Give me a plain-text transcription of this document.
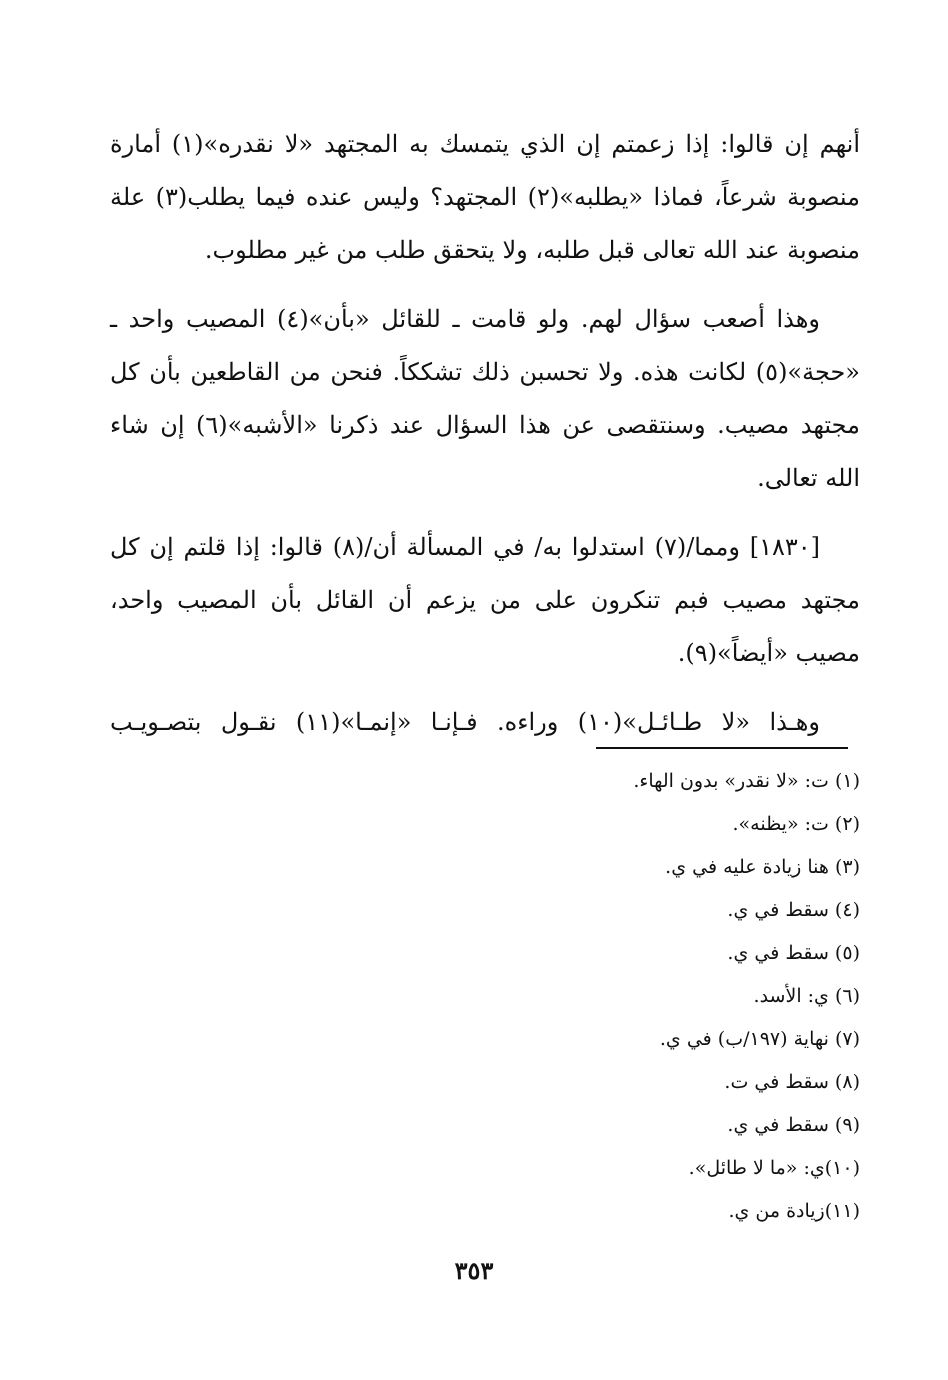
أنهم إن قالوا: إذا زعمتم إن الذي يتمسك به المجتهد «لا نقدره»(١) أمارة منصوبة شرعاً، فماذا «يطلبه»(٢) المجتهد؟ وليس عنده فيما يطلب(٣) علة منصوبة عند الله تعالى قبل طلبه، ولا يتحقق طلب من غير مطلوب.

وهذا أصعب سؤال لهم. ولو قامت ـ للقائل «بأن»(٤) المصيب واحد ـ «حجة»(٥) لكانت هذه. ولا تحسبن ذلك تشككاً. فنحن من القاطعين بأن كل مجتهد مصيب. وسنتقصى عن هذا السؤال عند ذكرنا «الأشبه»(٦) إن شاء الله تعالى.

[١٨٣٠] ومما/(٧) استدلوا به/ في المسألة أن/(٨) قالوا: إذا قلتم إن كل مجتهد مصيب فبم تنكرون على من يزعم أن القائل بأن المصيب واحد، مصيب «أيضاً»(٩).

وهـذا «لا طـائـل»(١٠) وراءه. فـإنـا «إنمـا»(١١) نقـول بتصـويـب

(١) ت: «لا نقدر» بدون الهاء.
(٢) ت: «يظنه».
(٣) هنا زيادة عليه في ي.
(٤) سقط في ي.
(٥) سقط في ي.
(٦) ي: الأسد.
(٧) نهاية (١٩٧/ب) في ي.
(٨) سقط في ت.
(٩) سقط في ي.
(١٠)ي: «ما لا طائل».
(١١)زيادة من ي.
٣٥٣
